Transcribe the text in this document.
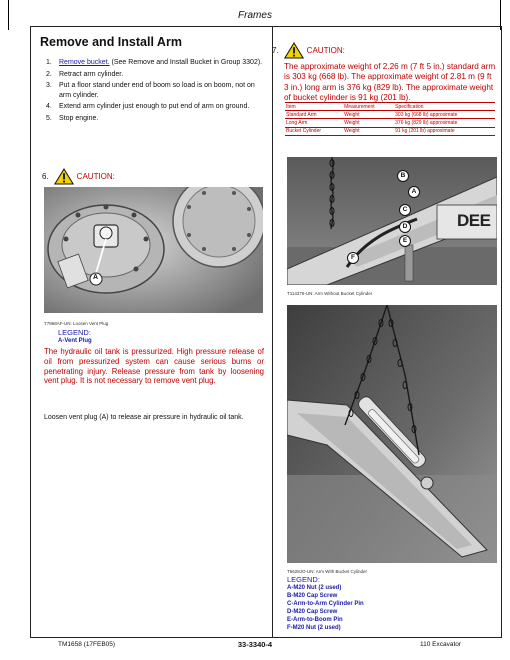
Frames
Remove and Install Arm
1.	Remove bucket. (See Remove and Install Bucket in Group 3302).
2.	Retract arm cylinder.
3.	Put a floor stand under end of boom so load is on boom, not on arm cylinder.
4.	Extend arm cylinder just enough to put end of arm on ground.
5.	Stop engine.
7.	CAUTION:
The approximate weight of 2.26 m (7 ft 5 in.) standard arm is 303 kg (668 lb). The approximate weight of 2.81 m (9 ft 3 in.) long arm is 376 kg (829 lb). The approximate weight of bucket cylinder is 91 kg (201 lb).
Item	Measurement	Specification
Standard Arm	Weight	303 kg (668 lb) approximate
Long Arm	Weight	376 kg (829 lb) approximate
Bucket Cylinder	Weight	91 kg (201 lb) approximate
6.	CAUTION:
A
T7868AF-UN: Loosen Vent Plug
LEGEND:
A-Vent Plug
The hydraulic oil tank is pressurized. High pressure release of oil from pressurized system can cause serious burns or penetrating injury. Release pressure from tank by loosening vent plug. It is not necessary to remove vent plug.
Loosen vent plug (A) to release air pressure in hydraulic oil tank.
DEE
B
A
C
D
E
F
T114376-UN: Arm Without Bucket Cylinder
T6628JO-UN: Arm With Bucket Cylinder
LEGEND:
A-M20 Nut (2 used)
B-M20 Cap Screw
C-Arm-to-Arm Cylinder Pin
D-M20 Cap Screw
E-Arm-to-Boom Pin
F-M20 Nut (2 used)
TM1658 (17FEB05)	33-3340-4	110 Excavator
